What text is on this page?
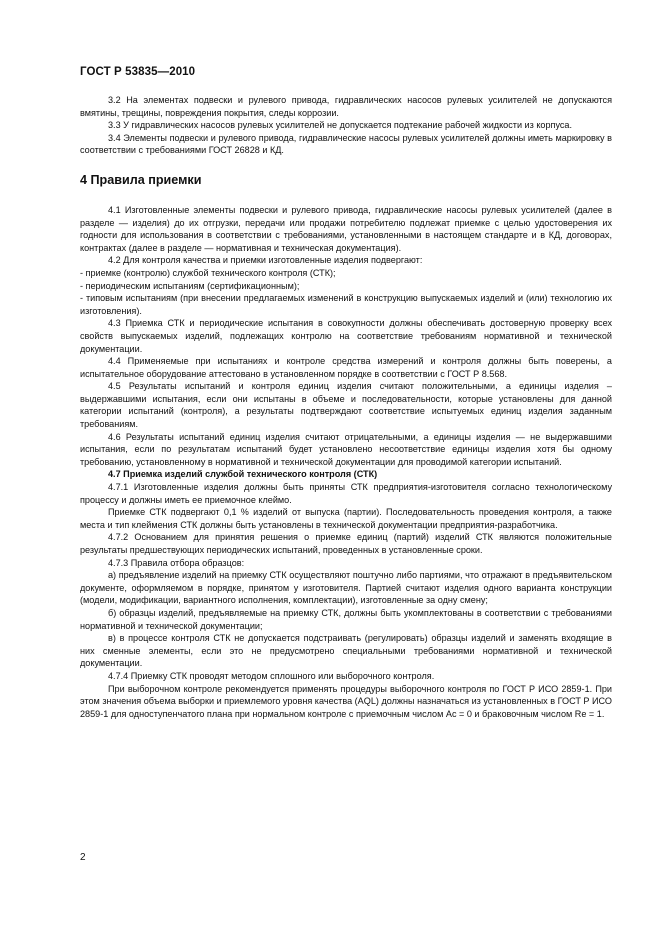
ГОСТ Р 53835—2010

3.2 На элементах подвески и рулевого привода, гидравлических насосов рулевых усилителей не допускаются вмятины, трещины, повреждения покрытия, следы коррозии.

3.3 У гидравлических насосов рулевых усилителей не допускается подтекание рабочей жидкости из корпуса.

3.4 Элементы подвески и рулевого привода, гидравлические насосы рулевых усилителей должны иметь маркировку в соответствии с требованиями ГОСТ 26828 и КД.

4 Правила приемки

4.1 Изготовленные элементы подвески и рулевого привода, гидравлические насосы рулевых усилителей (далее в разделе — изделия) до их отгрузки, передачи или продажи потребителю подлежат приемке с целью удостоверения их годности для использования в соответствии с требованиями, установленными в настоящем стандарте и в КД, договорах, контрактах (далее в разделе — нормативная и техническая документация).

4.2 Для контроля качества и приемки изготовленные изделия подвергают:

- приемке (контролю) службой технического контроля (СТК);

- периодическим испытаниям (сертификационным);

- типовым испытаниям (при внесении предлагаемых изменений в конструкцию выпускаемых изделий и (или) технологию их изготовления).

4.3 Приемка СТК и периодические испытания в совокупности должны обеспечивать достоверную проверку всех свойств выпускаемых изделий, подлежащих контролю на соответствие требованиям нормативной и технической документации.

4.4 Применяемые при испытаниях и контроле средства измерений и контроля должны быть поверены, а испытательное оборудование аттестовано в установленном порядке в соответствии с ГОСТ Р 8.568.

4.5 Результаты испытаний и контроля единиц изделия считают положительными, а единицы изделия – выдержавшими испытания, если они испытаны в объеме и последовательности, которые установлены для данной категории испытаний (контроля), а результаты подтверждают соответствие испытуемых единиц изделия заданным требованиям.

4.6 Результаты испытаний единиц изделия считают отрицательными, а единицы изделия — не выдержавшими испытания, если по результатам испытаний будет установлено несоответствие единицы изделия хотя бы одному требованию, установленному в нормативной и технической документации для проводимой категории испытаний.

4.7 Приемка изделий службой технического контроля (СТК)

4.7.1 Изготовленные изделия должны быть приняты СТК предприятия-изготовителя согласно технологическому процессу и должны иметь ее приемочное клеймо.

Приемке СТК подвергают 0,1 % изделий от выпуска (партии). Последовательность проведения контроля, а также места и тип клеймения СТК должны быть установлены в технической документации предприятия-разработчика.

4.7.2 Основанием для принятия решения о приемке единиц (партий) изделий СТК являются положительные результаты предшествующих периодических испытаний, проведенных в установленные сроки.

4.7.3 Правила отбора образцов:

а) предъявление изделий на приемку СТК осуществляют поштучно либо партиями, что отражают в предъявительском документе, оформляемом в порядке, принятом у изготовителя. Партией считают изделия одного варианта конструкции (модели, модификации, вариантного исполнения, комплектации), изготовленные за одну смену;

б) образцы изделий, предъявляемые на приемку СТК, должны быть укомплектованы в соответствии с требованиями нормативной и технической документации;

в) в процессе контроля СТК не допускается подстраивать (регулировать) образцы изделий и заменять входящие в них сменные элементы, если это не предусмотрено специальными требованиями нормативной и технической документации.

4.7.4 Приемку СТК проводят методом сплошного или выборочного контроля.

При выборочном контроле рекомендуется применять процедуры выборочного контроля по ГОСТ Р ИСО 2859-1. При этом значения объема выборки и приемлемого уровня качества (AQL) должны назначаться из установленных в ГОСТ Р ИСО 2859-1 для одноступенчатого плана при нормальном контроле с приемочным числом Ac = 0 и браковочным числом Re = 1.

2
